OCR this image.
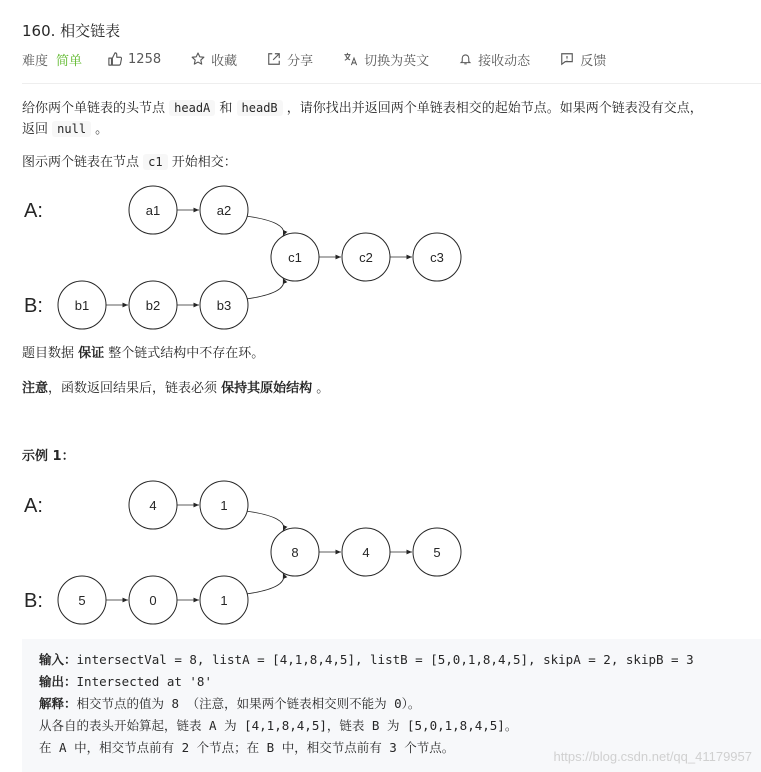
160. 相交链表
难度 简单	1258	收藏	分享	切换为英文	接收动态	反馈
给你两个单链表的头节点 headA 和 headB ，请你找出并返回两个单链表相交的起始节点。如果两个链表没有交点，
返回 null 。
图示两个链表在节点 c1 开始相交：
A:
B:
a1	a2
b1	b2	b3
c1	c2	c3
题目数据 保证 整个链式结构中不存在环。
注意，函数返回结果后，链表必须 保持其原始结构 。
示例 1：
A:
B:
4	1
5	0	1
8	4	5
输入：intersectVal = 8, listA = [4,1,8,4,5], listB = [5,0,1,8,4,5], skipA = 2, skipB = 3
输出：Intersected at '8'
解释：相交节点的值为 8 （注意，如果两个链表相交则不能为 0）。
从各自的表头开始算起，链表 A 为 [4,1,8,4,5]，链表 B 为 [5,0,1,8,4,5]。
在 A 中，相交节点前有 2 个节点；在 B 中，相交节点前有 3 个节点。
https://blog.csdn.net/qq_41179957
